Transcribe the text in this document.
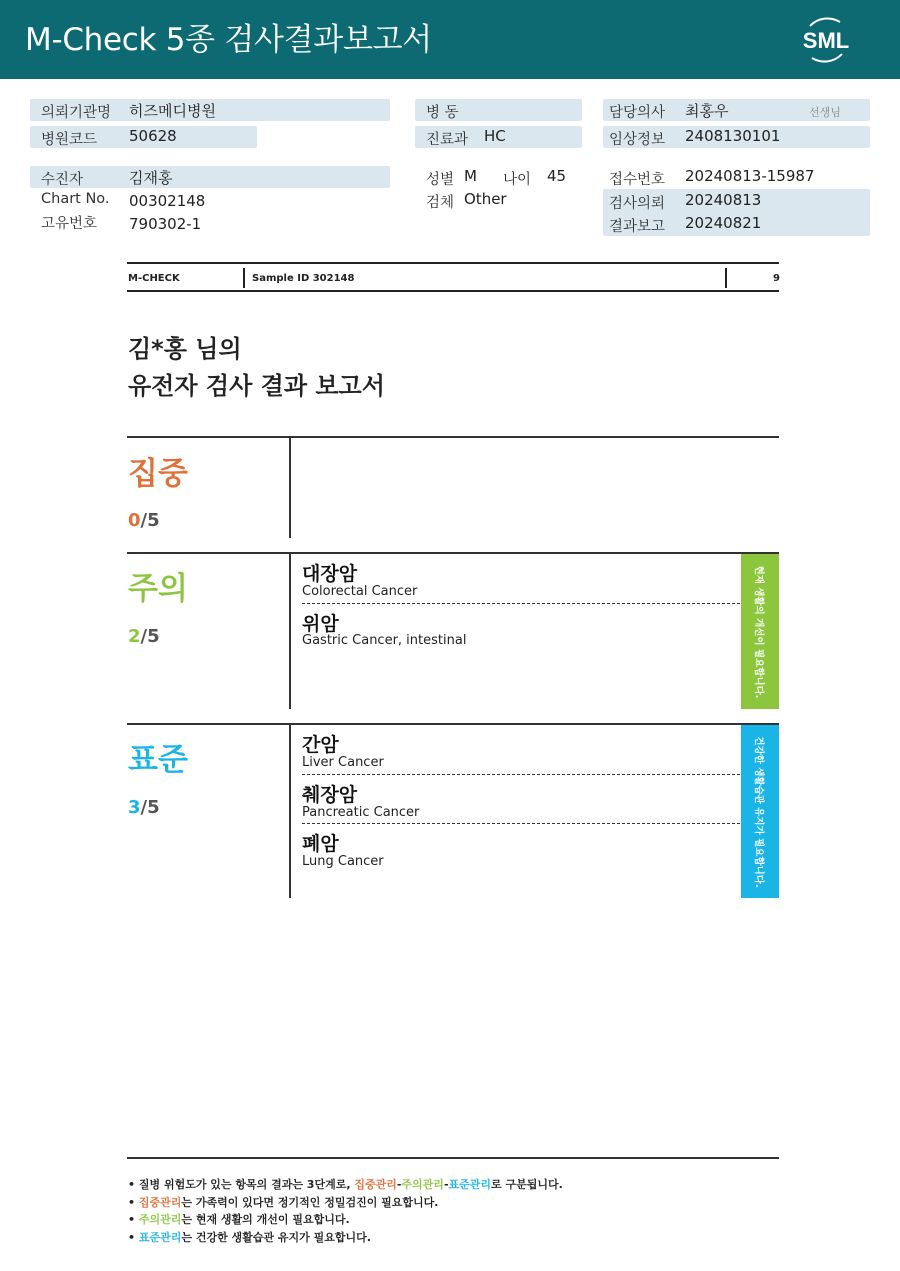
M-Check 5종 검사결과보고서	SML
의뢰기관명 히즈메디병원
병원코드 50628
수진자	김재홍
Chart No. 00302148
고유번호 790302-1
병 동
진료과 HC
성별 M 나이 45
검체 Other
담당의사 최홍우	선생님
임상정보 2408130101
접수번호 20240813-15987
검사의뢰 20240813
결과보고 20240821
M-CHECK	Sample ID 302148	9
김*홍 님의
유전자 검사 결과 보고서
집중
0/5
주의
2/5
대장암
Colorectal Cancer
위암
Gastric Cancer, intestinal	현재 생활의 개선이 필요합니다.
표준
3/5
간암
Liver Cancer
췌장암
Pancreatic Cancer
폐암
Lung Cancer	건강한 생활습관 유지가 필요합니다.
• 질병 위험도가 있는 항목의 결과는 3단계로, 집중관리-주의관리-표준관리로 구분됩니다.
• 집중관리는 가족력이 있다면 정기적인 정밀검진이 필요합니다.
• 주의관리는 현재 생활의 개선이 필요합니다.
• 표준관리는 건강한 생활습관 유지가 필요합니다.
